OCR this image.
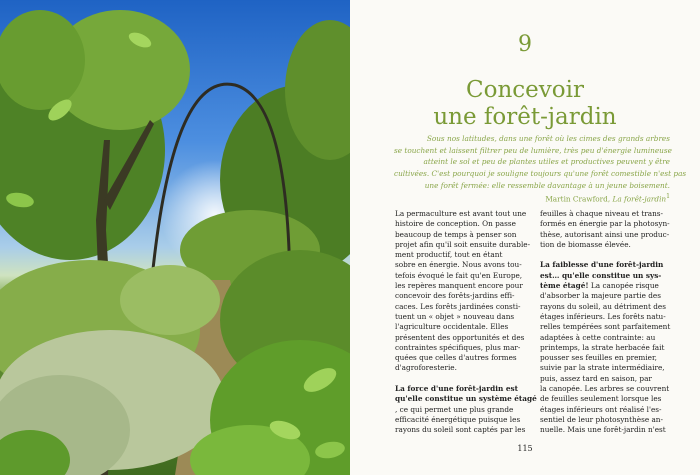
9
Concevoir
une forêt-jardin
Sous nos latitudes, dans une forêt où les cimes des grands arbres
se touchent et laissent filtrer peu de lumière, très peu d'énergie lumineuse
atteint le sol et peu de plantes utiles et productives peuvent y être
cultivées. C'est pourquoi je souligne toujours qu'une forêt comestible n'est pas
une forêt fermée: elle ressemble davantage à un jeune boisement.
Martin Crawford, La forêt-jardin$^1$

La permaculture est avant tout une
histoire de conception. On passe
beaucoup de temps à penser son
projet afin qu'il soit ensuite durable-
ment productif, tout en étant
sobre en énergie. Nous avons tou-
tefois évoqué le fait qu'en Europe,
les repères manquent encore pour
concevoir des forêts-jardins effi-
caces. Les forêts jardinées consti-
tuent un « objet » nouveau dans
l'agriculture occidentale. Elles
présentent des opportunités et des
contraintes spécifiques, plus mar-
quées que celles d'autres formes
d'agroforesterie.

La force d'une forêt-jardin est
qu'elle constitue un système étagé
, ce qui permet une plus grande
efficacité énergétique puisque les
rayons du soleil sont captés par les

feuilles à chaque niveau et trans-
formés en énergie par la photosyn-
thèse, autorisant ainsi une produc-
tion de biomasse élevée.

La faiblesse d'une forêt-jardin
est… qu'elle constitue un sys-
tème étagé! La canopée risque
d'absorber la majeure partie des
rayons du soleil, au détriment des
étages inférieurs. Les forêts natu-
relles tempérées sont parfaitement
adaptées à cette contrainte: au
printemps, la strate herbacée fait
pousser ses feuilles en premier,
suivie par la strate intermédiaire,
puis, assez tard en saison, par
la canopée. Les arbres se couvrent
de feuilles seulement lorsque les
étages inférieurs ont réalisé l'es-
sentiel de leur photosynthèse an-
nuelle. Mais une forêt-jardin n'est

115
